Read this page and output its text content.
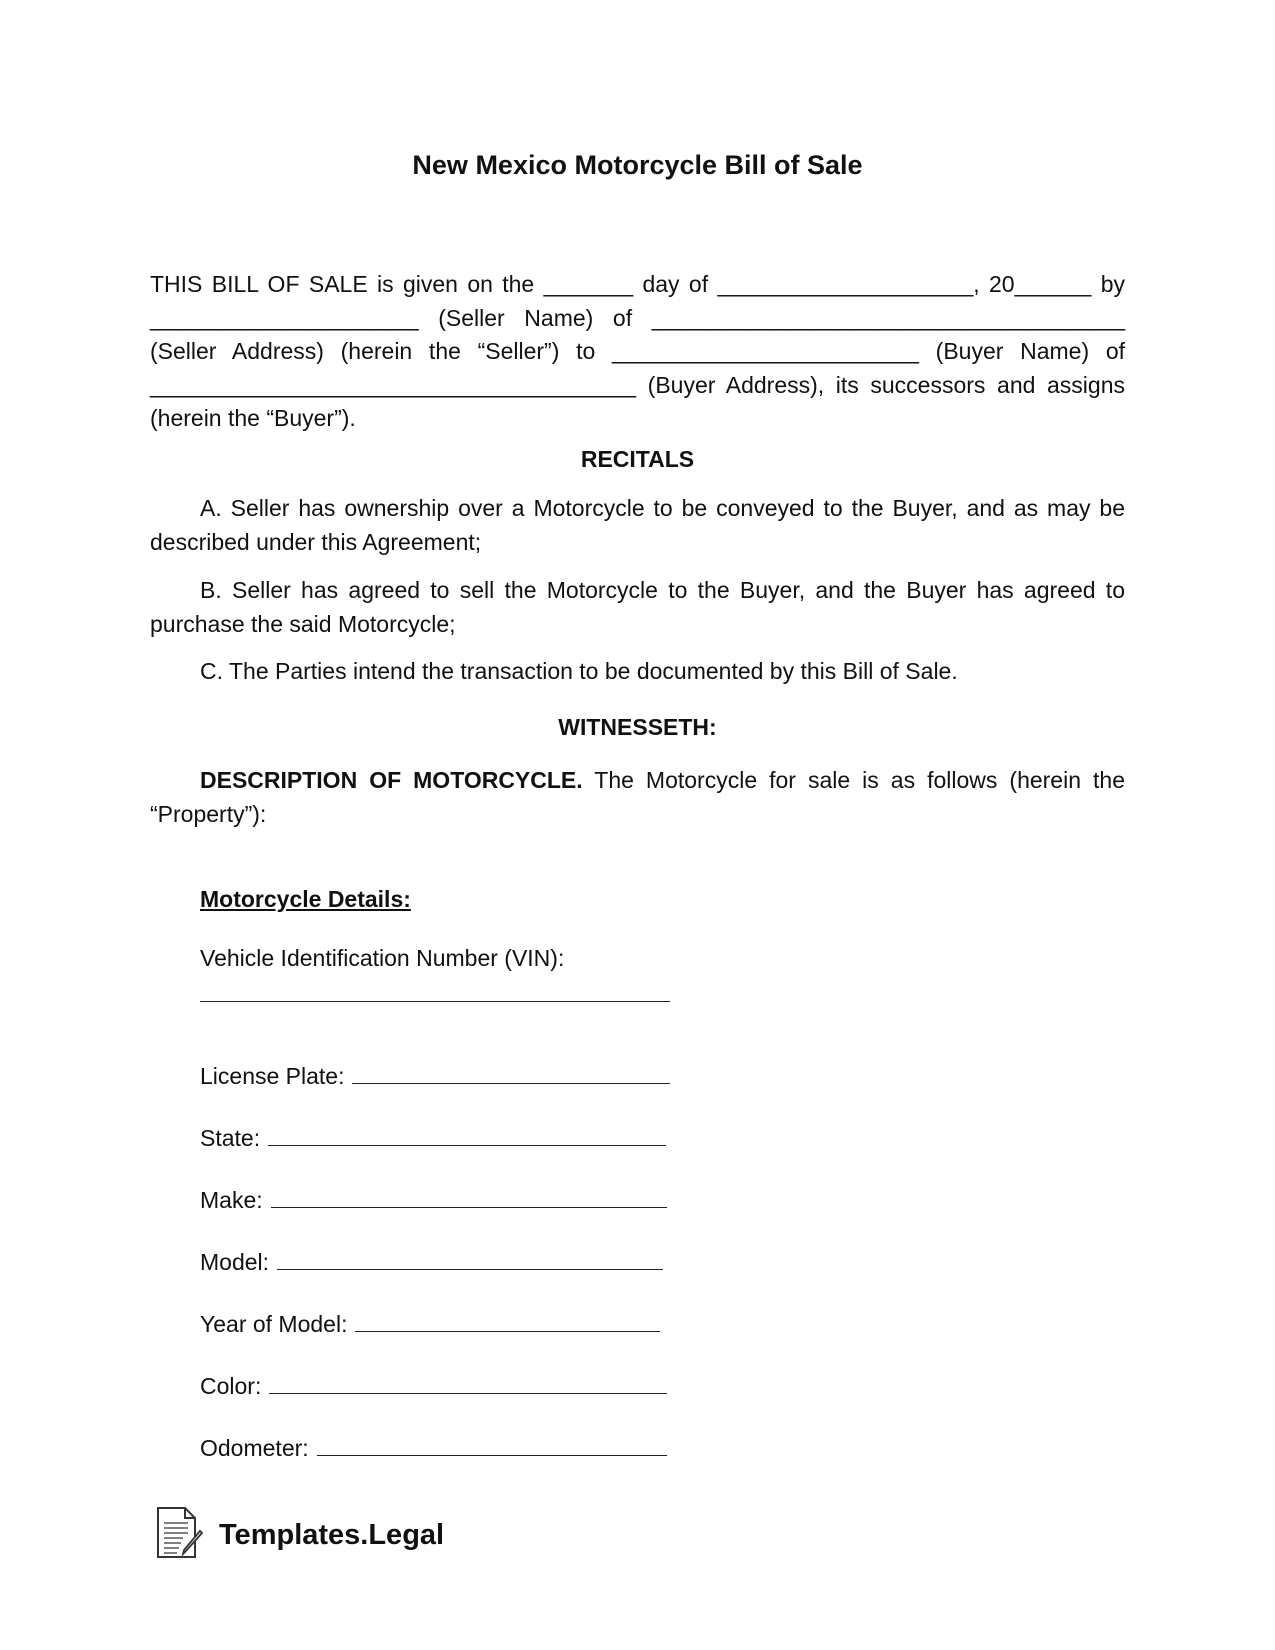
New Mexico Motorcycle Bill of Sale
THIS BILL OF SALE is given on the _______ day of ____________________, 20______ by _____________________ (Seller Name) of _____________________________________ (Seller Address) (herein the “Seller”) to ________________________ (Buyer Name) of ______________________________________ (Buyer Address), its successors and assigns (herein the “Buyer”).
RECITALS
A. Seller has ownership over a Motorcycle to be conveyed to the Buyer, and as may be described under this Agreement;
B. Seller has agreed to sell the Motorcycle to the Buyer, and the Buyer has agreed to purchase the said Motorcycle;
C. The Parties intend the transaction to be documented by this Bill of Sale.
WITNESSETH:
DESCRIPTION OF MOTORCYCLE. The Motorcycle for sale is as follows (herein the “Property”):
Motorcycle Details:
Vehicle Identification Number (VIN):
License Plate:
State:
Make:
Model:
Year of Model:
Color:
Odometer:
Templates.Legal
